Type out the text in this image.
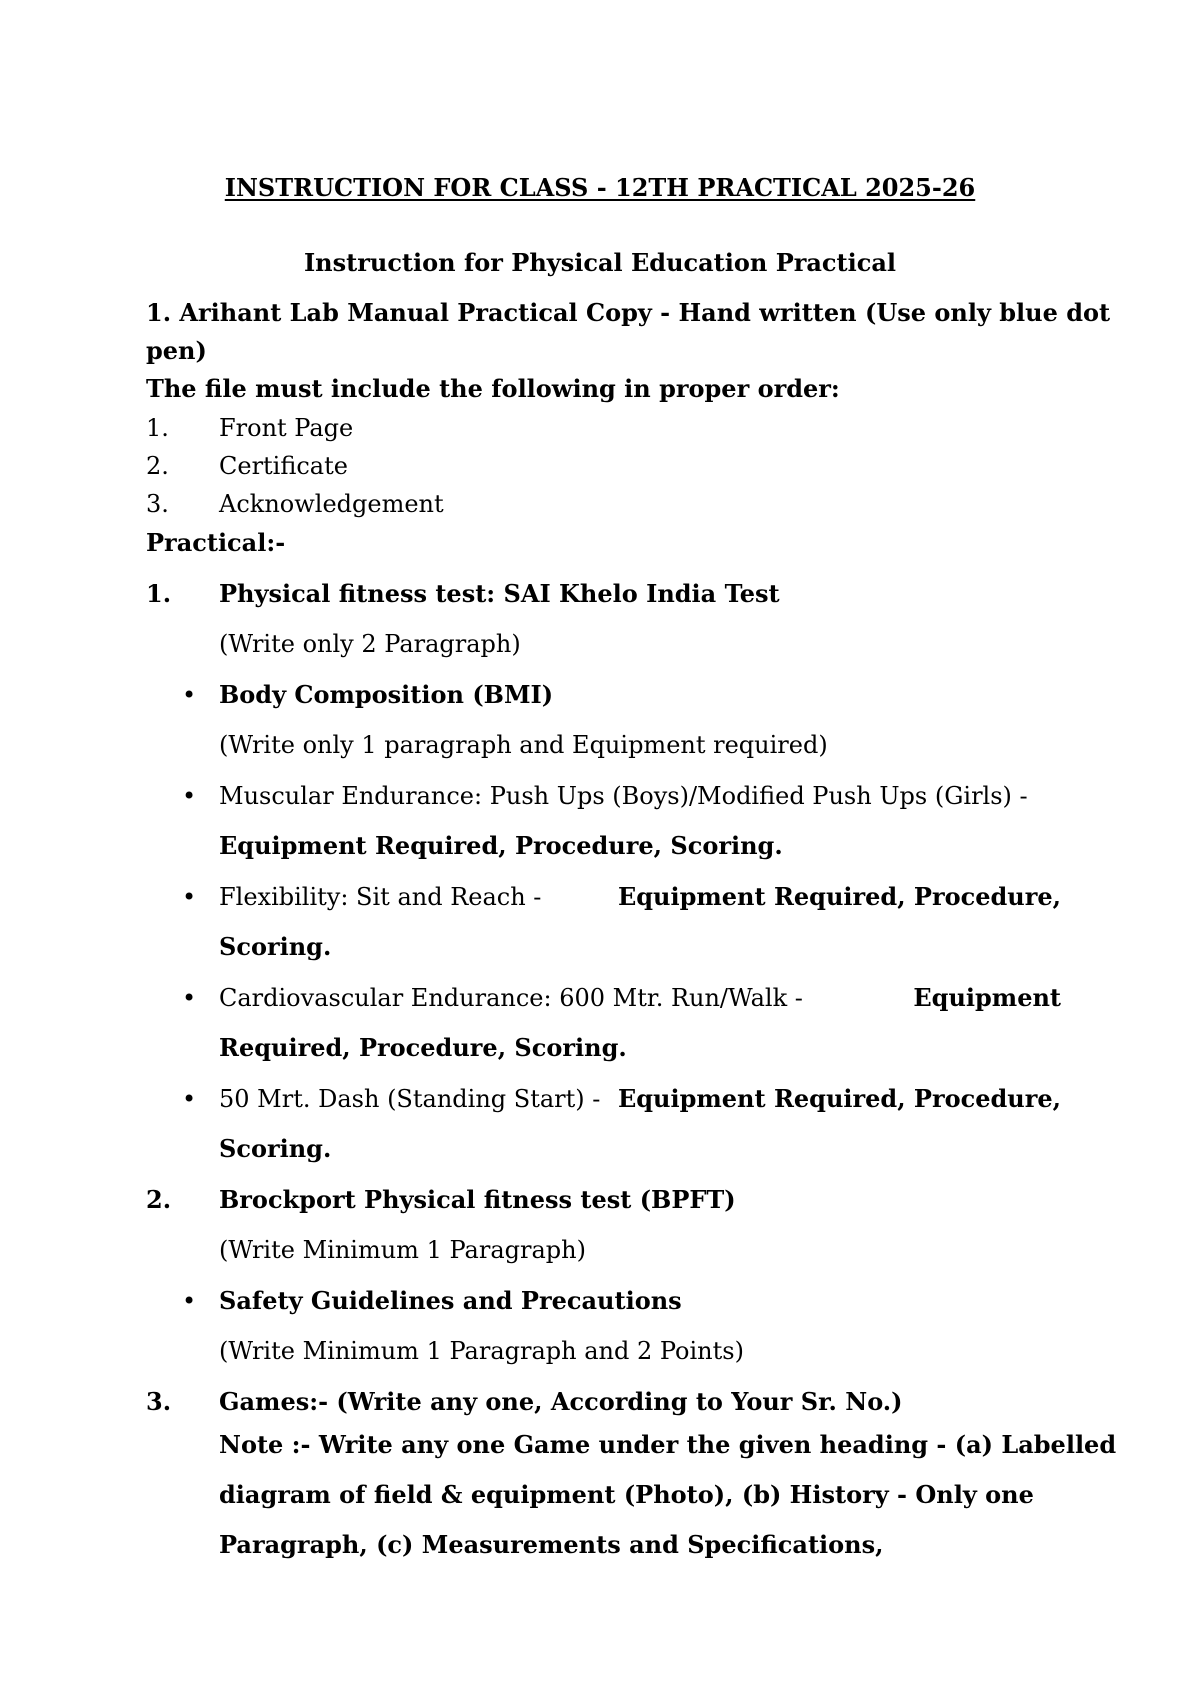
INSTRUCTION FOR CLASS - 12TH PRACTICAL 2025-26
Instruction for Physical Education Practical
1. Arihant Lab Manual Practical Copy - Hand written (Use only blue dot
pen)
The file must include the following in proper order:
1. Front Page
2. Certificate
3. Acknowledgement
Practical:-
1. Physical fitness test: SAI Khelo India Test
(Write only 2 Paragraph)
• Body Composition (BMI)
(Write only 1 paragraph and Equipment required)
• Muscular Endurance: Push Ups (Boys)/Modified Push Ups (Girls) -
Equipment Required, Procedure, Scoring.
• Flexibility: Sit and Reach -	Equipment Required, Procedure,
Scoring.
• Cardiovascular Endurance: 600 Mtr. Run/Walk -	Equipment
Required, Procedure, Scoring.
• 50 Mrt. Dash (Standing Start) - Equipment Required, Procedure,
Scoring.
2. Brockport Physical fitness test (BPFT)
(Write Minimum 1 Paragraph)
• Safety Guidelines and Precautions
(Write Minimum 1 Paragraph and 2 Points)
3. Games:- (Write any one, According to Your Sr. No.)
Note :- Write any one Game under the given heading - (a) Labelled
diagram of field & equipment (Photo), (b) History - Only one
Paragraph, (c) Measurements and Specifications,
